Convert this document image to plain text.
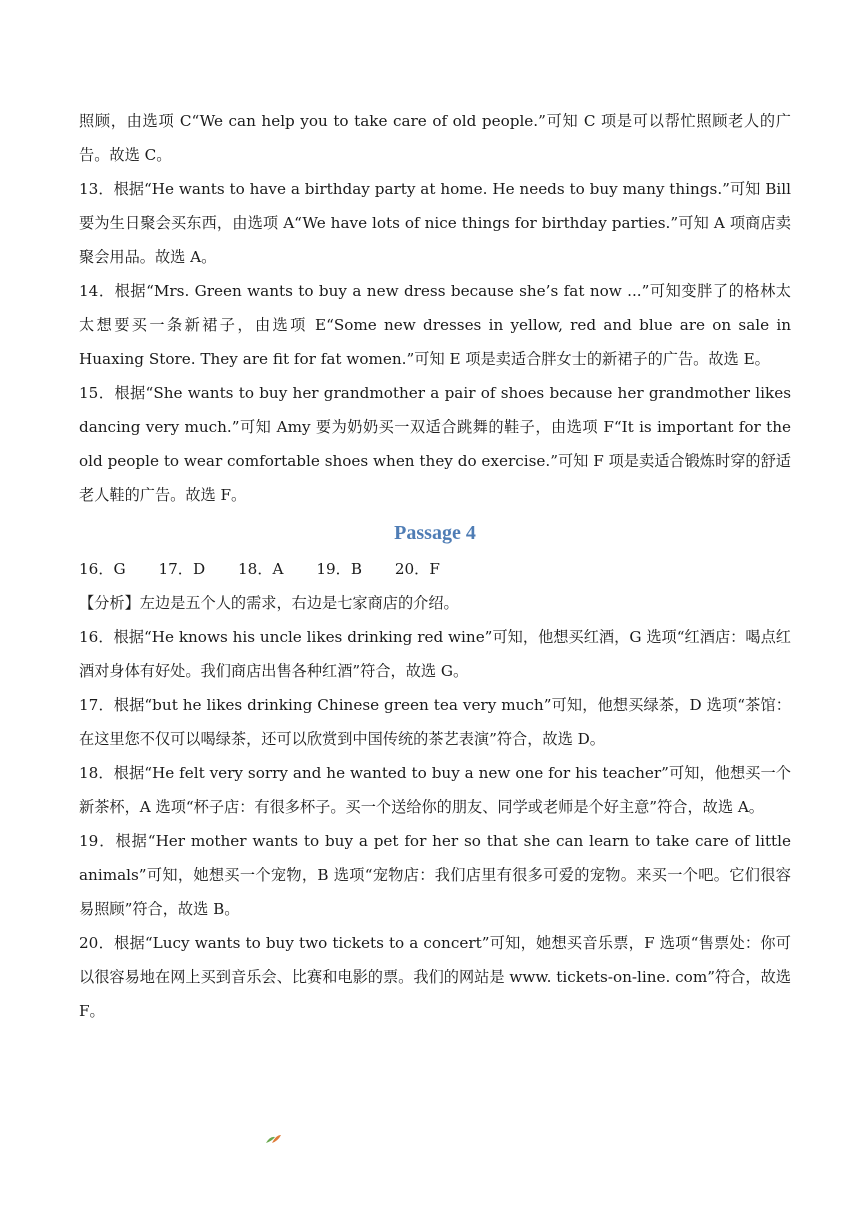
照顾，由选项 C“We can help you to take care of old people.”可知 C 项是可以帮忙照顾老人的广告。故选 C。

13．根据“He wants to have a birthday party at home. He needs to buy many things.”可知 Bill 要为生日聚会买东西，由选项 A“We have lots of nice things for birthday parties.”可知 A 项商店卖聚会用品。故选 A。

14．根据“Mrs. Green wants to buy a new dress because she’s fat now ...”可知变胖了的格林太太想要买一条新裙子，由选项 E“Some new dresses in yellow, red and blue are on sale in Huaxing Store. They are fit for fat women.”可知 E 项是卖适合胖女士的新裙子的广告。故选 E。

15．根据“She wants to buy her grandmother a pair of shoes because her grandmother likes dancing very much.”可知 Amy 要为奶奶买一双适合跳舞的鞋子，由选项 F“It is important for the old people to wear comfortable shoes when they do exercise.”可知 F 项是卖适合锻炼时穿的舒适老人鞋的广告。故选 F。

Passage 4

16．G 17．D 18．A 19．B 20．F

【分析】左边是五个人的需求，右边是七家商店的介绍。

16．根据“He knows his uncle likes drinking red wine”可知，他想买红酒，G 选项“红酒店：喝点红酒对身体有好处。我们商店出售各种红酒”符合，故选 G。

17．根据“but he likes drinking Chinese green tea very much”可知，他想买绿茶，D 选项“茶馆：在这里您不仅可以喝绿茶，还可以欣赏到中国传统的茶艺表演”符合，故选 D。

18．根据“He felt very sorry and he wanted to buy a new one for his teacher”可知，他想买一个新茶杯，A 选项“杯子店：有很多杯子。买一个送给你的朋友、同学或老师是个好主意”符合，故选 A。

19．根据“Her mother wants to buy a pet for her so that she can learn to take care of little animals”可知，她想买一个宠物，B 选项“宠物店：我们店里有很多可爱的宠物。来买一个吧。它们很容易照顾”符合，故选 B。

20．根据“Lucy wants to buy two tickets to a concert”可知，她想买音乐票，F 选项“售票处：你可以很容易地在网上买到音乐会、比赛和电影的票。我们的网站是 www. tickets-on-line. com”符合，故选 F。
